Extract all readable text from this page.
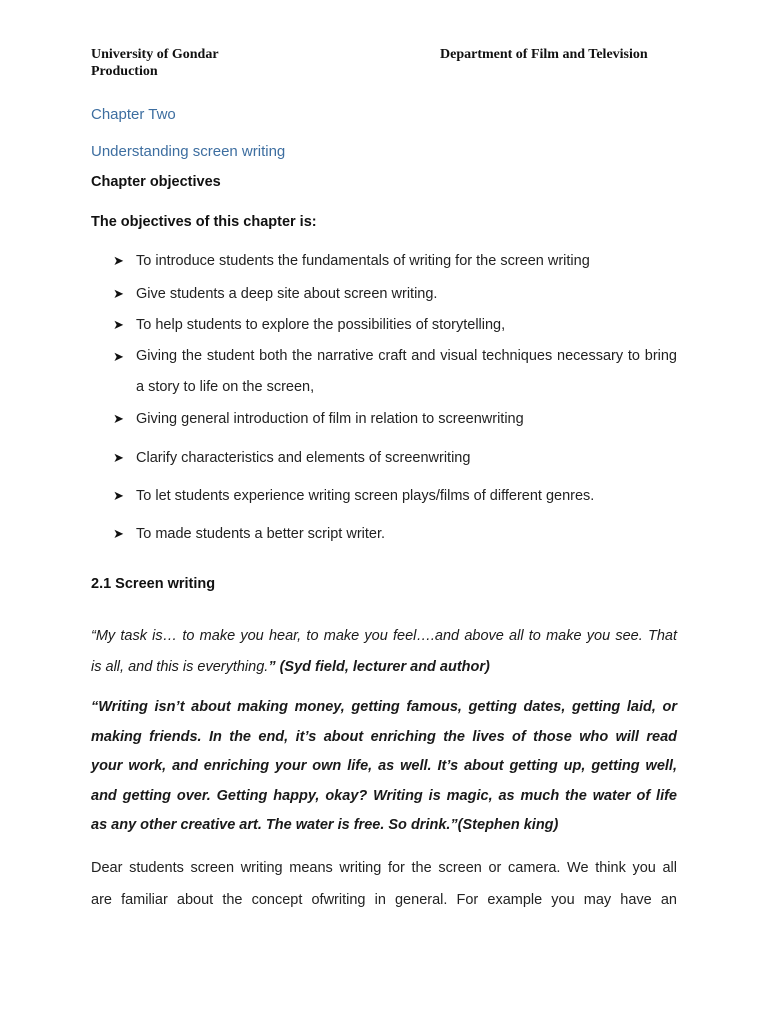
University of Gondar
Production
Department of Film and Television
Chapter Two
Understanding screen writing
Chapter objectives
The objectives of this chapter is:
➤ To introduce students the fundamentals of writing for the screen writing
➤ Give students a deep site about screen writing.
➤ To help students to explore the possibilities of storytelling,
➤ Giving the student both the narrative craft and visual techniques necessary to bring a story to life on the screen,
➤ Giving general introduction of film in relation to screenwriting
➤ Clarify characteristics and elements of screenwriting
➤ To let students experience writing screen plays/films of different genres.
➤ To made students a better script writer.
2.1 Screen writing
“My task is… to make you hear, to make you feel….and above all to make you see. That
is all, and this is everything.” (Syd field, lecturer and author)
“Writing isn’t about making money, getting famous, getting dates, getting laid, or
making friends. In the end, it’s about enriching the lives of those who will read
your work, and enriching your own life, as well. It’s about getting up, getting well,
and getting over. Getting happy, okay? Writing is magic, as much the water of life
as any other creative art. The water is free. So drink.”(Stephen king)
Dear students screen writing means writing for the screen or camera. We think you all
are familiar about the concept ofwriting in general. For example you may have an
